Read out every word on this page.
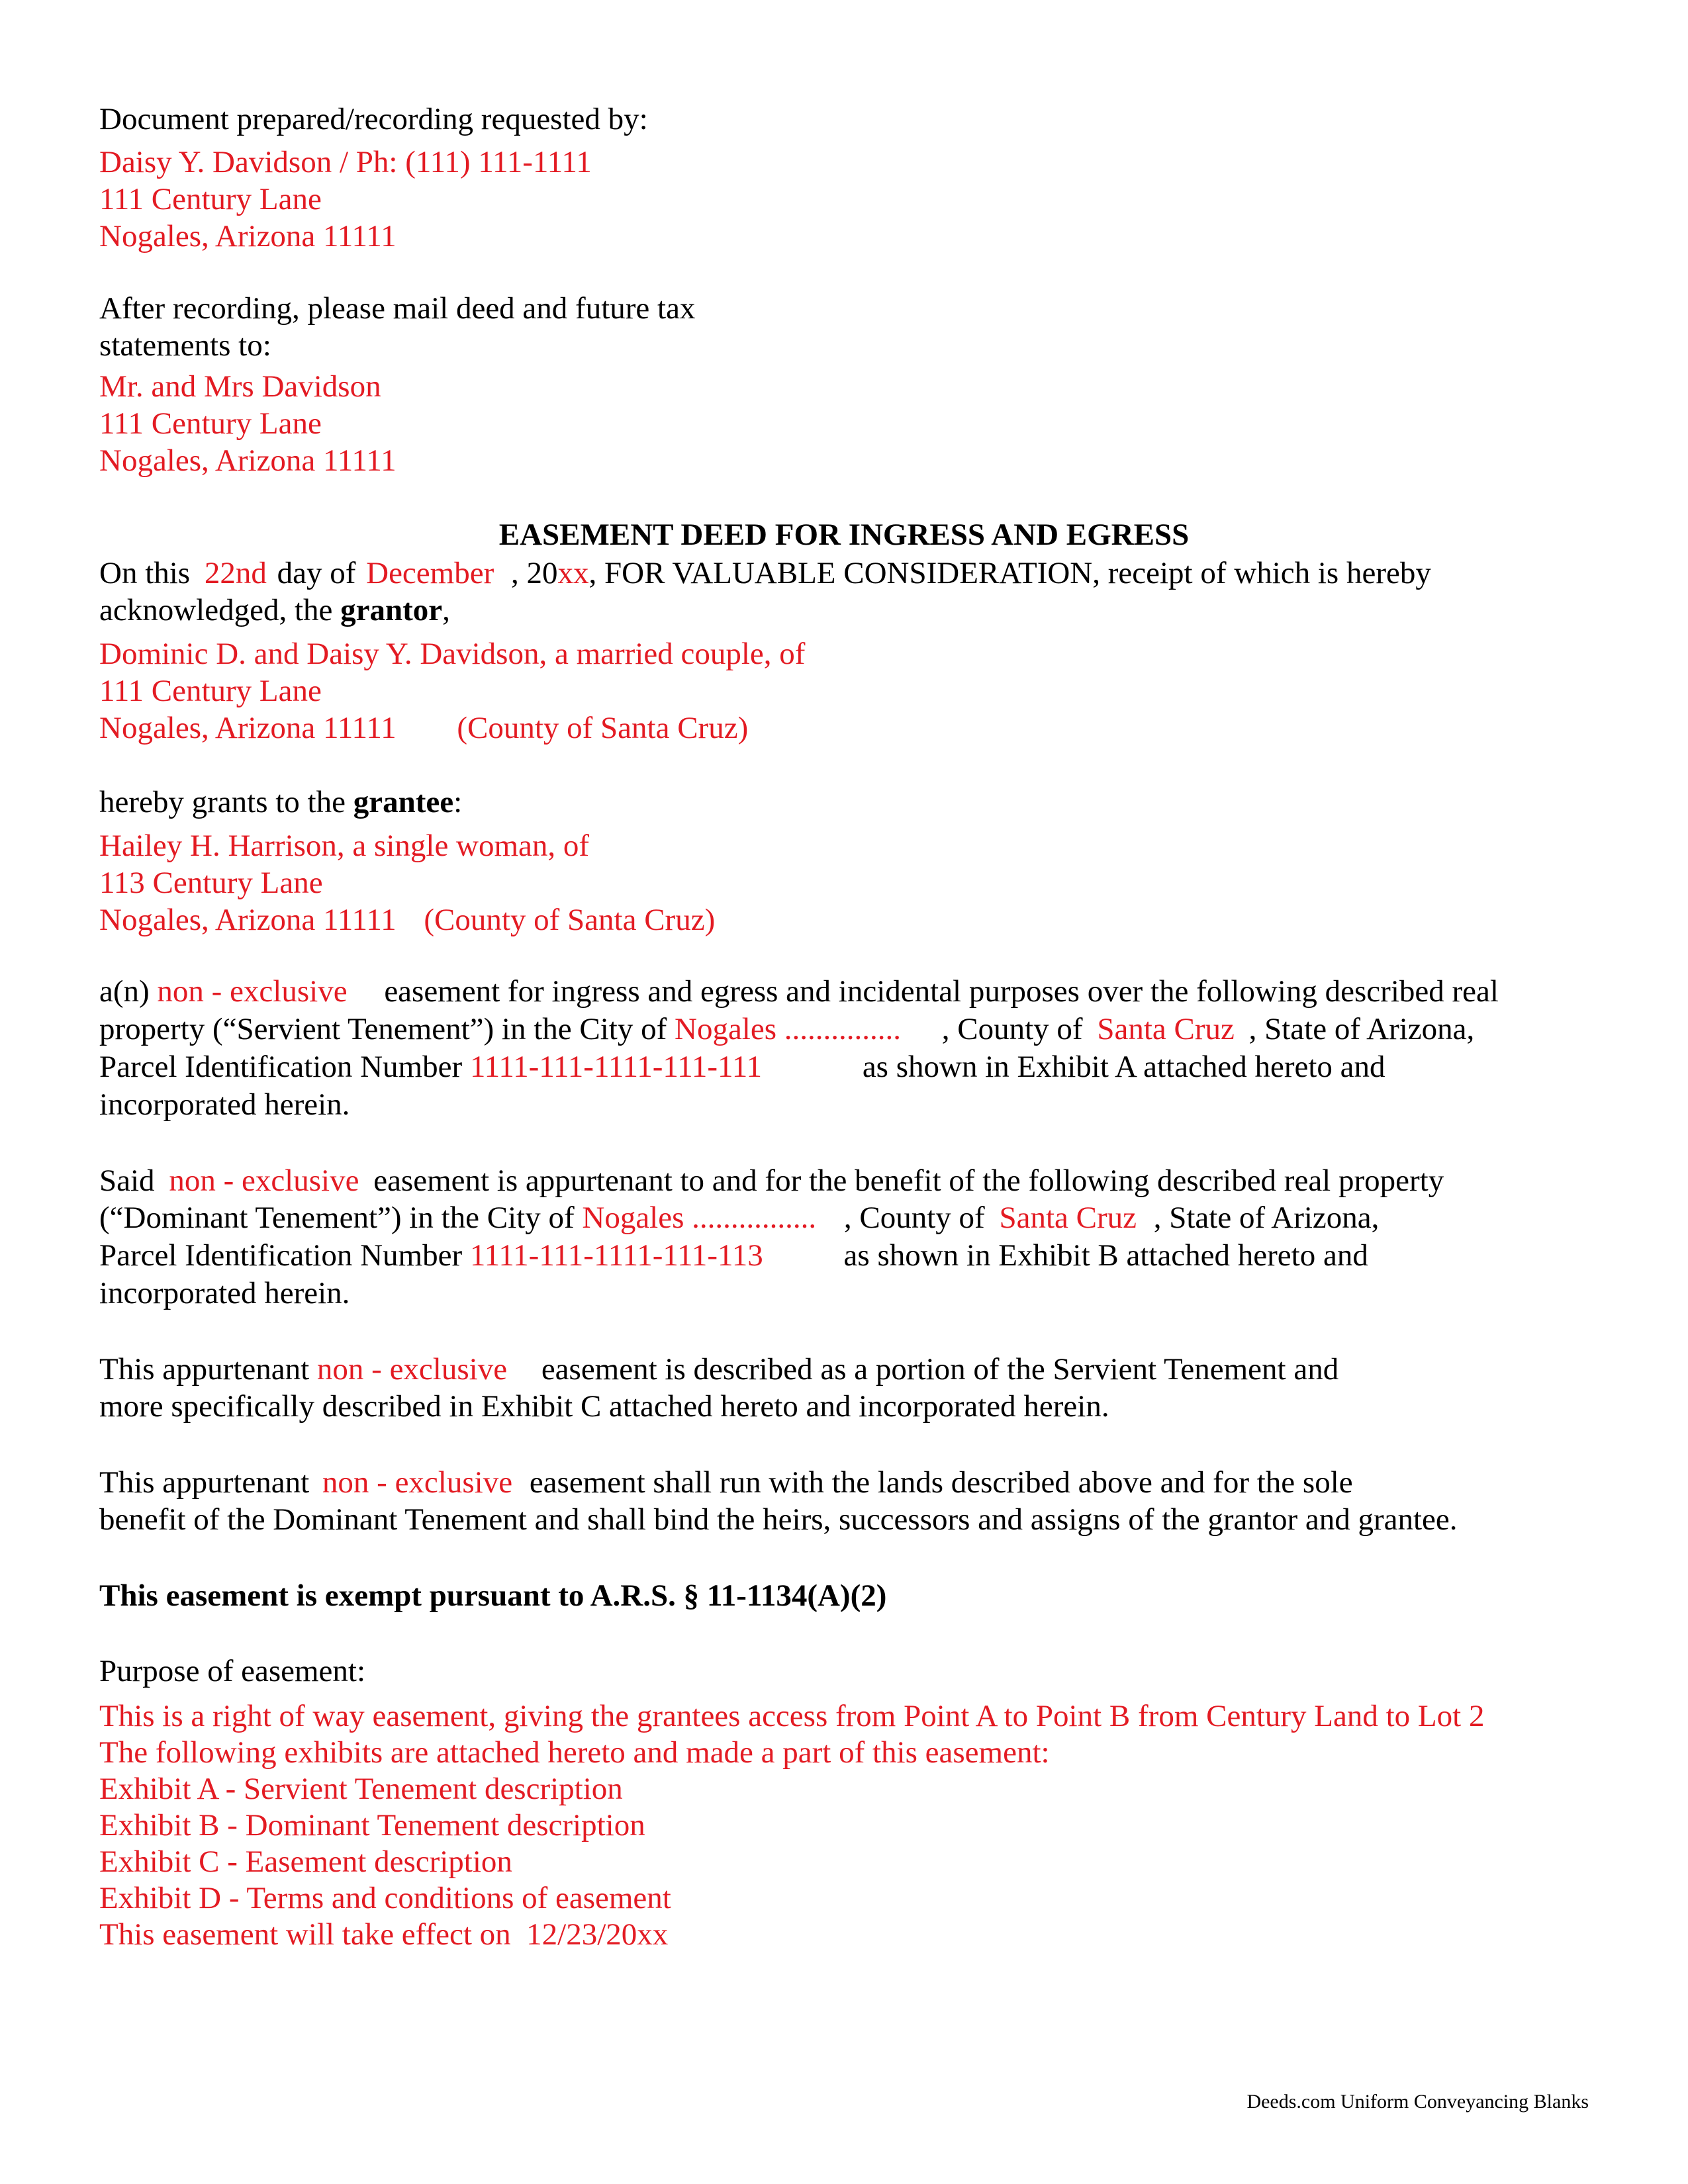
Document prepared/recording requested by:
Daisy Y. Davidson / Ph: (111) 111-1111
111 Century Lane
Nogales, Arizona 11111
After recording, please mail deed and future tax
statements to:
Mr. and Mrs Davidson
111 Century Lane
Nogales, Arizona 11111
EASEMENT DEED FOR INGRESS AND EGRESS
On this 22nd day of December , 20xx, FOR VALUABLE CONSIDERATION, receipt of which is hereby
acknowledged, the grantor,
Dominic D. and Daisy Y. Davidson, a married couple, of
111 Century Lane
Nogales, Arizona 11111 (County of Santa Cruz)
hereby grants to the grantee:
Hailey H. Harrison, a single woman, of
113 Century Lane
Nogales, Arizona 11111 (County of Santa Cruz)
a(n) non - exclusive easement for ingress and egress and incidental purposes over the following described real
property (“Servient Tenement”) in the City of Nogales ............... , County of Santa Cruz , State of Arizona,
Parcel Identification Number 1111-111-1111-111-111	as shown in Exhibit A attached hereto and
incorporated herein.
Said non - exclusive easement is appurtenant to and for the benefit of the following described real property
(“Dominant Tenement”) in the City of Nogales ................ , County of Santa Cruz , State of Arizona,
Parcel Identification Number 1111-111-1111-111-113	as shown in Exhibit B attached hereto and
incorporated herein.
This appurtenant non - exclusive easement is described as a portion of the Servient Tenement and
more specifically described in Exhibit C attached hereto and incorporated herein.
This appurtenant non - exclusive easement shall run with the lands described above and for the sole
benefit of the Dominant Tenement and shall bind the heirs, successors and assigns of the grantor and grantee.
This easement is exempt pursuant to A.R.S. § 11-1134(A)(2)
Purpose of easement:
This is a right of way easement, giving the grantees access from Point A to Point B from Century Land to Lot 2
The following exhibits are attached hereto and made a part of this easement:
Exhibit A - Servient Tenement description
Exhibit B - Dominant Tenement description
Exhibit C - Easement description
Exhibit D - Terms and conditions of easement
This easement will take effect on  12/23/20xx
Deeds.com Uniform Conveyancing Blanks
